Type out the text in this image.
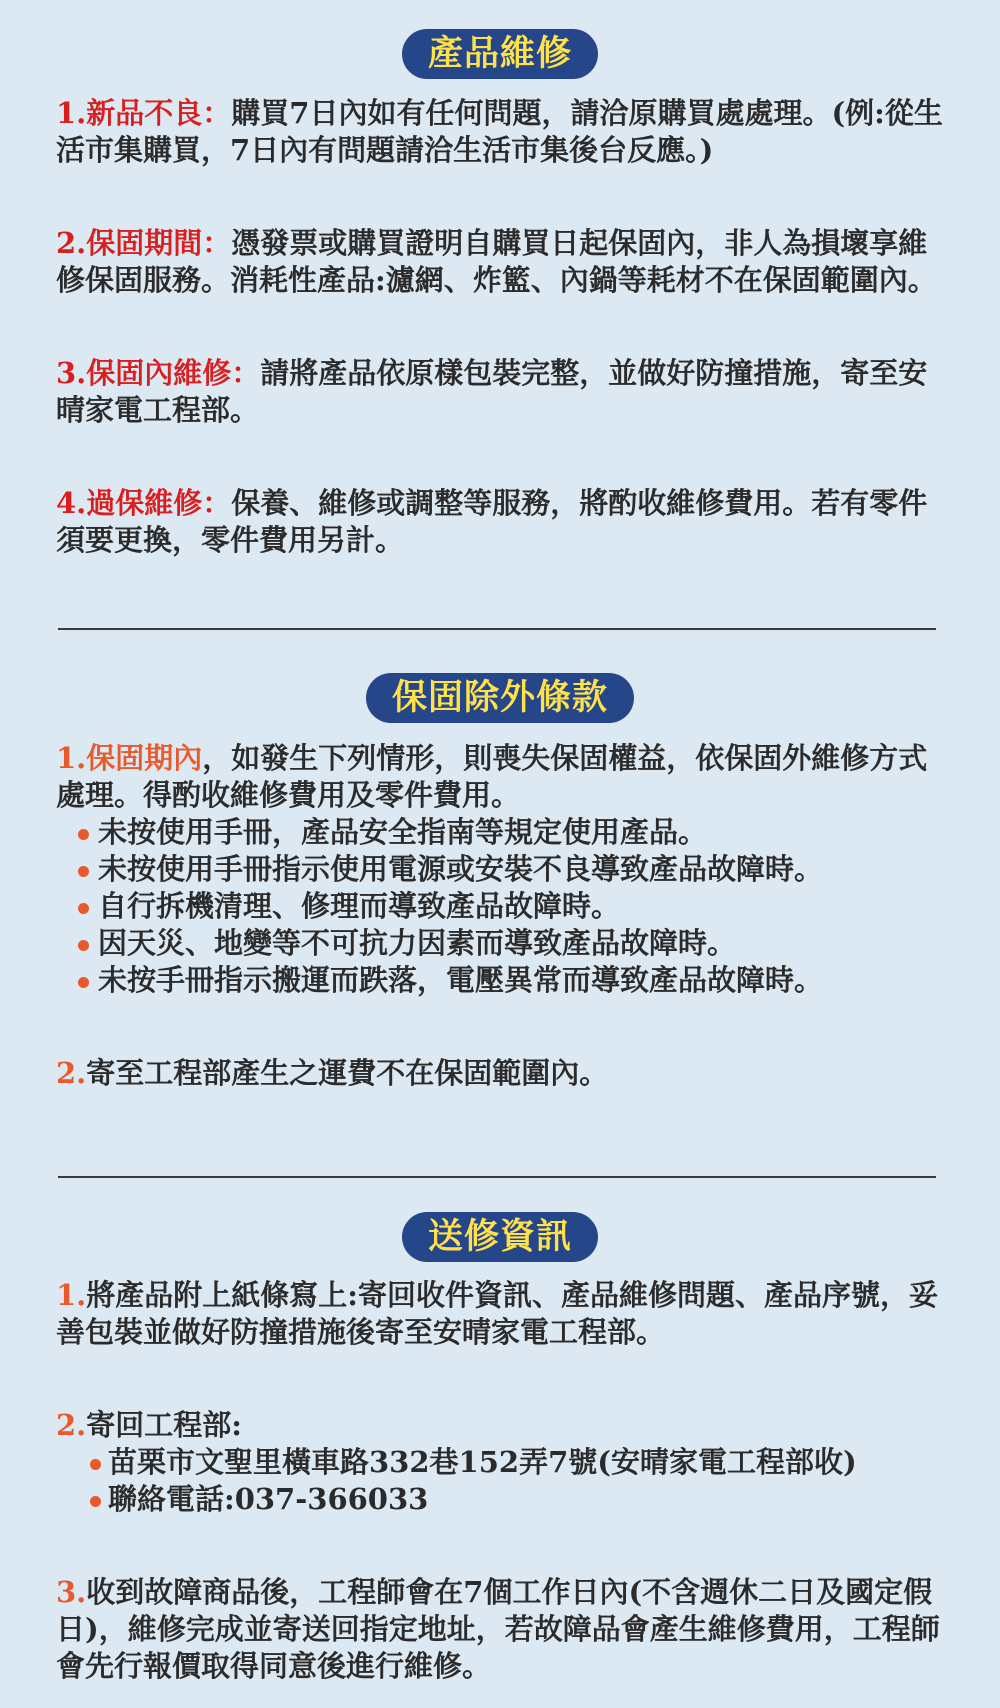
產品維修

1.新品不良：購買7日內如有任何問題，請洽原購買處處理。(例:從生活市集購買，7日內有問題請洽生活市集後台反應。)

2.保固期間：憑發票或購買證明自購買日起保固內，非人為損壞享維修保固服務。消耗性產品:濾網、炸籃、內鍋等耗材不在保固範圍內。

3.保固內維修：請將產品依原樣包裝完整，並做好防撞措施，寄至安晴家電工程部。

4.過保維修：保養、維修或調整等服務，將酌收維修費用。若有零件須要更換，零件費用另計。

保固除外條款

1.保固期內，如發生下列情形，則喪失保固權益，依保固外維修方式處理。得酌收維修費用及零件費用。

未按使用手冊，產品安全指南等規定使用產品。
未按使用手冊指示使用電源或安裝不良導致產品故障時。
自行拆機清理、修理而導致產品故障時。
因天災、地變等不可抗力因素而導致產品故障時。
未按手冊指示搬運而跌落，電壓異常而導致產品故障時。

2.寄至工程部產生之運費不在保固範圍內。

送修資訊

1.將產品附上紙條寫上:寄回收件資訊、產品維修問題、產品序號，妥善包裝並做好防撞措施後寄至安晴家電工程部。

2.寄回工程部:

苗栗市文聖里橫車路332巷152弄7號(安晴家電工程部收)
聯絡電話:037-366033

3.收到故障商品後，工程師會在7個工作日內(不含週休二日及國定假日)，維修完成並寄送回指定地址，若故障品會產生維修費用，工程師會先行報價取得同意後進行維修。
